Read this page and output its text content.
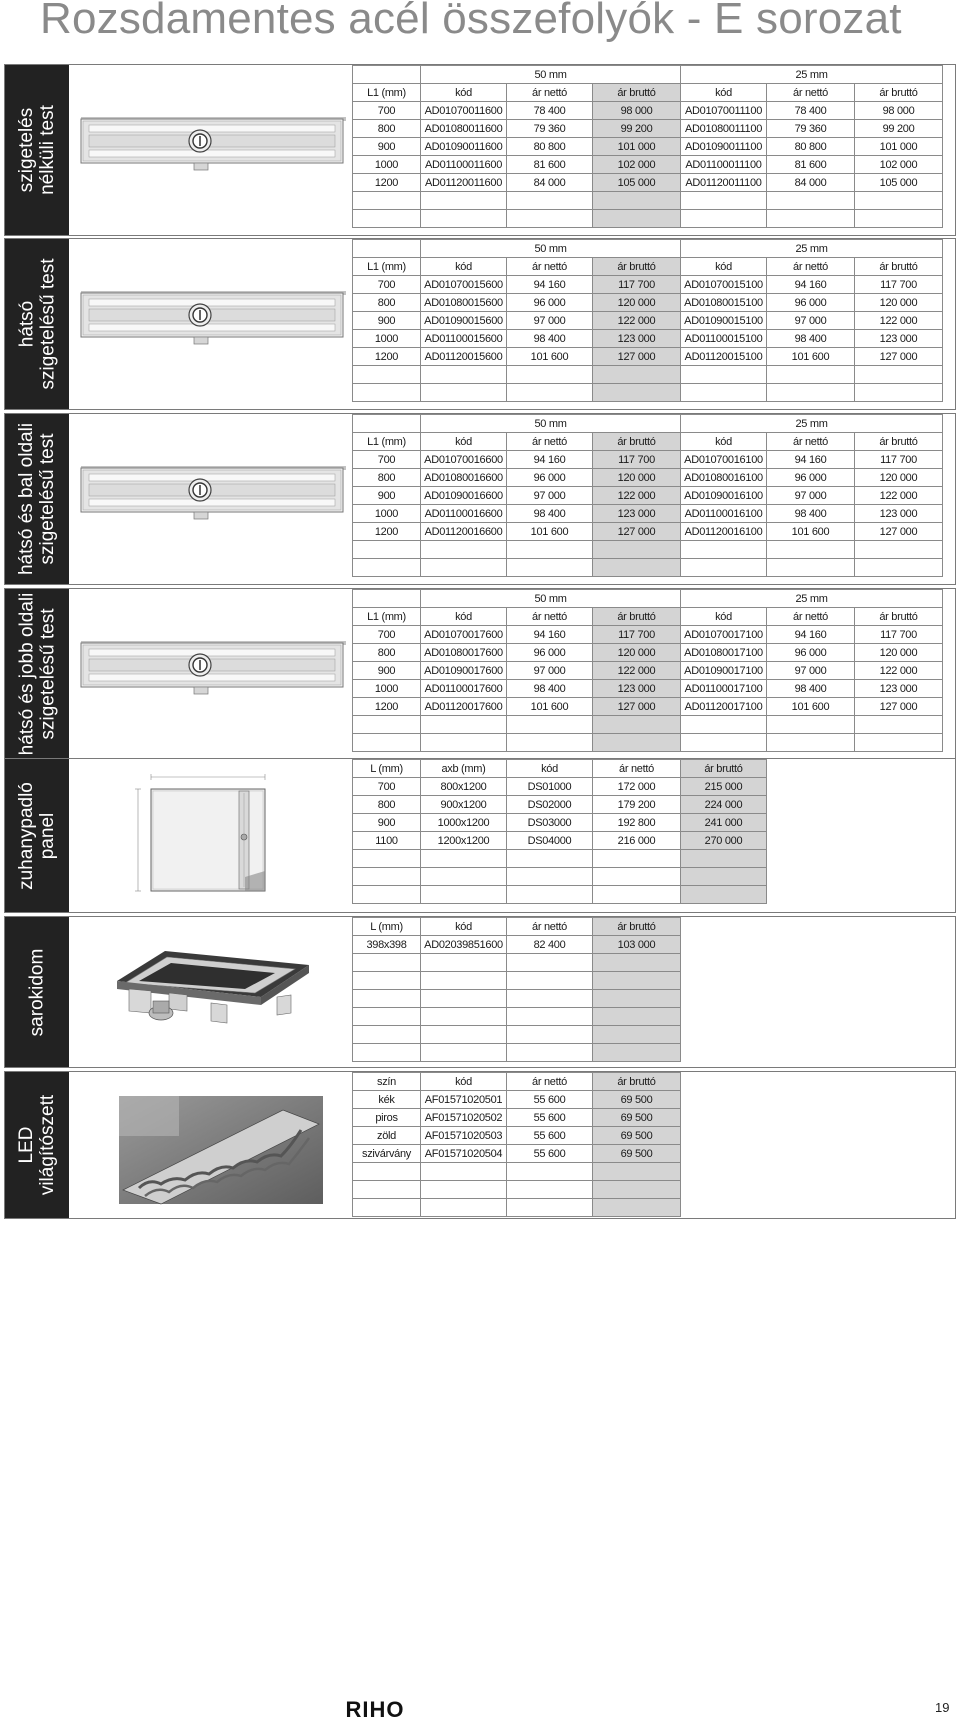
Rozsdamentes acél összefolyók - E sorozat
szigetelés nélküli test
	50 mm			25 mm		
L1 (mm)	kód	ár nettó	ár bruttó	kód	ár nettó	ár bruttó
700	AD01070011600	78 400	98 000	AD01070011100	78 400	98 000
800	AD01080011600	79 360	99 200	AD01080011100	79 360	99 200
900	AD01090011600	80 800	101 000	AD01090011100	80 800	101 000
1000	AD01100011600	81 600	102 000	AD01100011100	81 600	102 000
1200	AD01120011600	84 000	105 000	AD01120011100	84 000	105 000

hátsó szigetelésű test
	50 mm			25 mm		
L1 (mm)	kód	ár nettó	ár bruttó	kód	ár nettó	ár bruttó
700	AD01070015600	94 160	117 700	AD01070015100	94 160	117 700
800	AD01080015600	96 000	120 000	AD01080015100	96 000	120 000
900	AD01090015600	97 000	122 000	AD01090015100	97 000	122 000
1000	AD01100015600	98 400	123 000	AD01100015100	98 400	123 000
1200	AD01120015600	101 600	127 000	AD01120015100	101 600	127 000

hátsó és bal oldali szigetelésű test
	50 mm			25 mm		
L1 (mm)	kód	ár nettó	ár bruttó	kód	ár nettó	ár bruttó
700	AD01070016600	94 160	117 700	AD01070016100	94 160	117 700
800	AD01080016600	96 000	120 000	AD01080016100	96 000	120 000
900	AD01090016600	97 000	122 000	AD01090016100	97 000	122 000
1000	AD01100016600	98 400	123 000	AD01100016100	98 400	123 000
1200	AD01120016600	101 600	127 000	AD01120016100	101 600	127 000

hátsó és jobb oldali szigetelésű test
	50 mm			25 mm		
L1 (mm)	kód	ár nettó	ár bruttó	kód	ár nettó	ár bruttó
700	AD01070017600	94 160	117 700	AD01070017100	94 160	117 700
800	AD01080017600	96 000	120 000	AD01080017100	96 000	120 000
900	AD01090017600	97 000	122 000	AD01090017100	97 000	122 000
1000	AD01100017600	98 400	123 000	AD01100017100	98 400	123 000
1200	AD01120017600	101 600	127 000	AD01120017100	101 600	127 000

zuhanypadló panel
L (mm)	axb (mm)	kód	ár nettó	ár bruttó
700	800x1200	DS01000	172 000	215 000
800	900x1200	DS02000	179 200	224 000
900	1000x1200	DS03000	192 800	241 000
1100	1200x1200	DS04000	216 000	270 000

sarokidom
L (mm)	kód	ár nettó	ár bruttó
398x398	AD02039851600	82 400	103 000

LED világítószett
szín	kód	ár nettó	ár bruttó
kék	AF01571020501	55 600	69 500
piros	AF01571020502	55 600	69 500
zöld	AF01571020503	55 600	69 500
szivárvány	AF01571020504	55 600	69 500

RIHO	19
